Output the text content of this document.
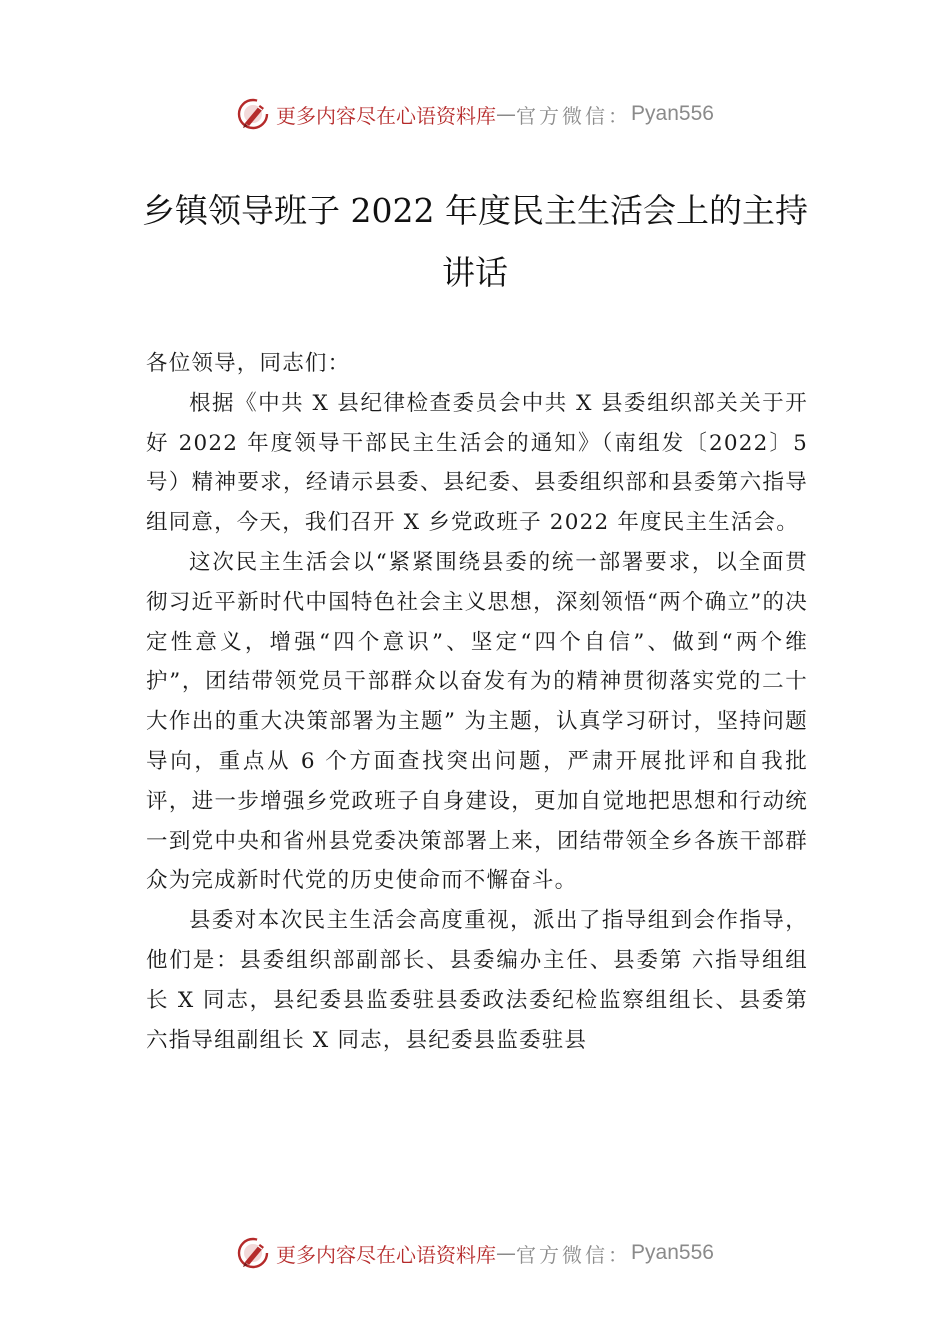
更多内容尽在心语资料库 — 官方微信： Pyan556
乡镇领导班子 2022 年度民主生活会上的主持讲话

各位领导，同志们：

根据《中共 X 县纪律检查委员会中共 X 县委组织部关关于开好 2022 年度领导干部民主生活会的通知》（南组发〔2022〕5 号）精神要求，经请示县委、县纪委、县委组织部和县委第六指导组同意，今天，我们召开 X 乡党政班子 2022 年度民主生活会。

这次民主生活会以“紧紧围绕县委的统一部署要求，以全面贯彻习近平新时代中国特色社会主义思想，深刻领悟“两个确立”的决定性意义，增强“四个意识”、坚定“四个自信”、做到“两个维护”，团结带领党员干部群众以奋发有为的精神贯彻落实党的二十大作出的重大决策部署为主题” 为主题，认真学习研讨，坚持问题导向，重点从 6 个方面查找突出问题，严肃开展批评和自我批评，进一步增强乡党政班子自身建设，更加自觉地把思想和行动统一到党中央和省州县党委决策部署上来，团结带领全乡各族干部群众为完成新时代党的历史使命而不懈奋斗。

县委对本次民主生活会高度重视，派出了指导组到会作指导，他们是：县委组织部副部长、县委编办主任、县委第 六指导组组长 X 同志，县纪委县监委驻县委政法委纪检监察组组长、县委第六指导组副组长 X 同志，县纪委县监委驻县

更多内容尽在心语资料库 — 官方微信： Pyan556
